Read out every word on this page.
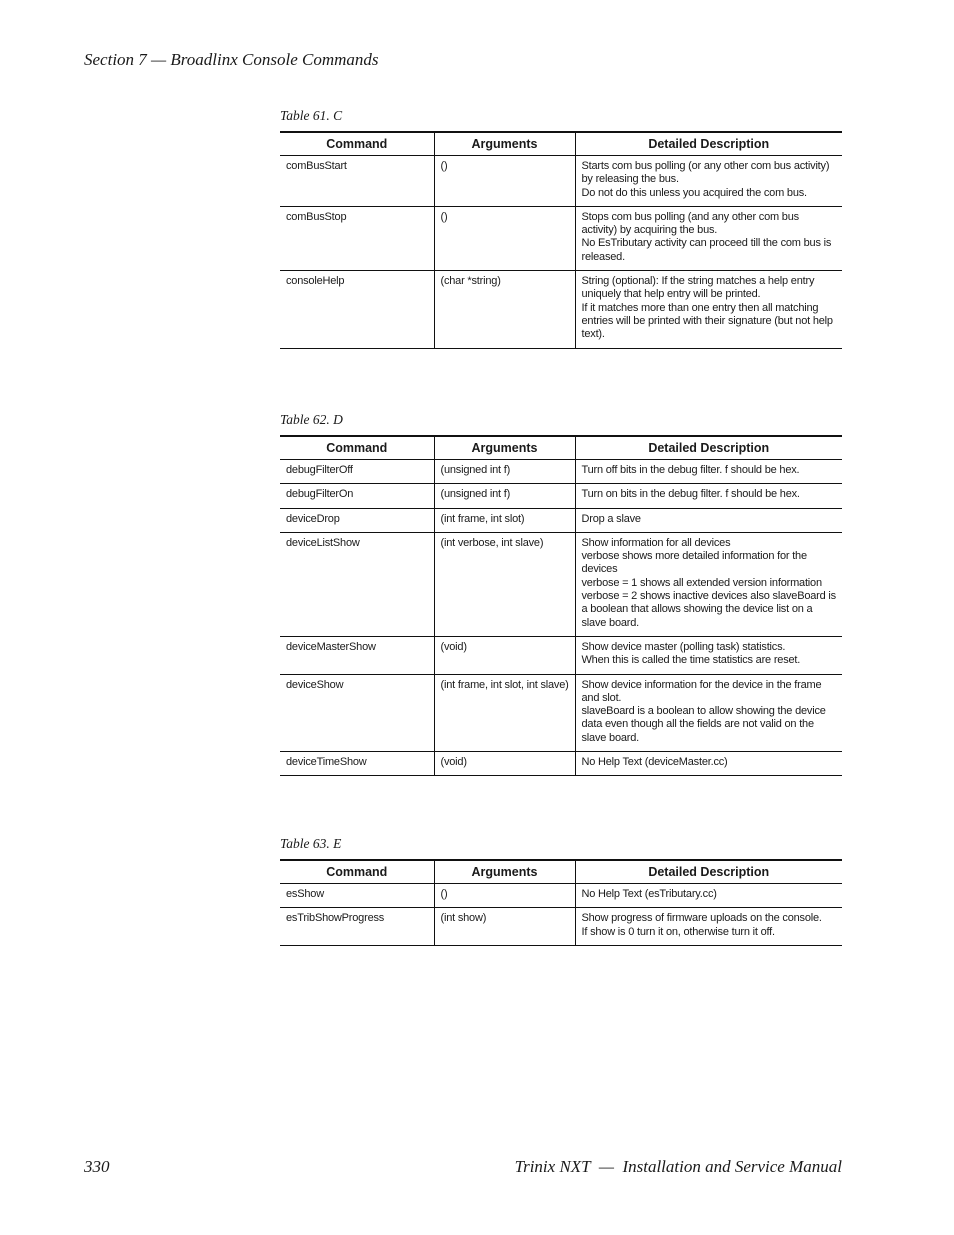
Section 7 — Broadlinx Console Commands
Table 61. C
Command	Arguments	Detailed Description
comBusStart	()	Starts com bus polling (or any other com bus activity) by releasing the bus.
Do not do this unless you acquired the com bus.

comBusStop	()	Stops com bus polling (and any other com bus activity) by acquiring the bus.
No EsTributary activity can proceed till the com bus is released.

consoleHelp	(char *string)	String (optional): If the string matches a help entry uniquely that help entry will be printed.
If it matches more than one entry then all matching entries will be printed with their signature (but not help text).
Table 62. D
Command	Arguments	Detailed Description
debugFilterOff	(unsigned int f)	Turn off bits in the debug filter. f should be hex.

debugFilterOn	(unsigned int f)	Turn on bits in the debug filter. f should be hex.

deviceDrop	(int frame, int slot)	Drop a slave

deviceListShow	(int verbose, int slave)	Show information for all devices
verbose shows more detailed information for the devices
verbose = 1 shows all extended version information
verbose = 2 shows inactive devices also slaveBoard is a boolean that allows showing the device list on a slave board.

deviceMasterShow	(void)	Show device master (polling task) statistics.
When this is called the time statistics are reset.

deviceShow	(int frame, int slot, int slave)	Show device information for the device in the frame and slot.
slaveBoard is a boolean to allow showing the device data even though all the fields are not valid on the slave board.

deviceTimeShow	(void)	No Help Text (deviceMaster.cc)
Table 63. E
Command	Arguments	Detailed Description
esShow	()	No Help Text (esTributary.cc)

esTribShowProgress	(int show)	Show progress of firmware uploads on the console.
If show is 0 turn it on, otherwise turn it off.
330	Trinix NXT  —  Installation and Service Manual
